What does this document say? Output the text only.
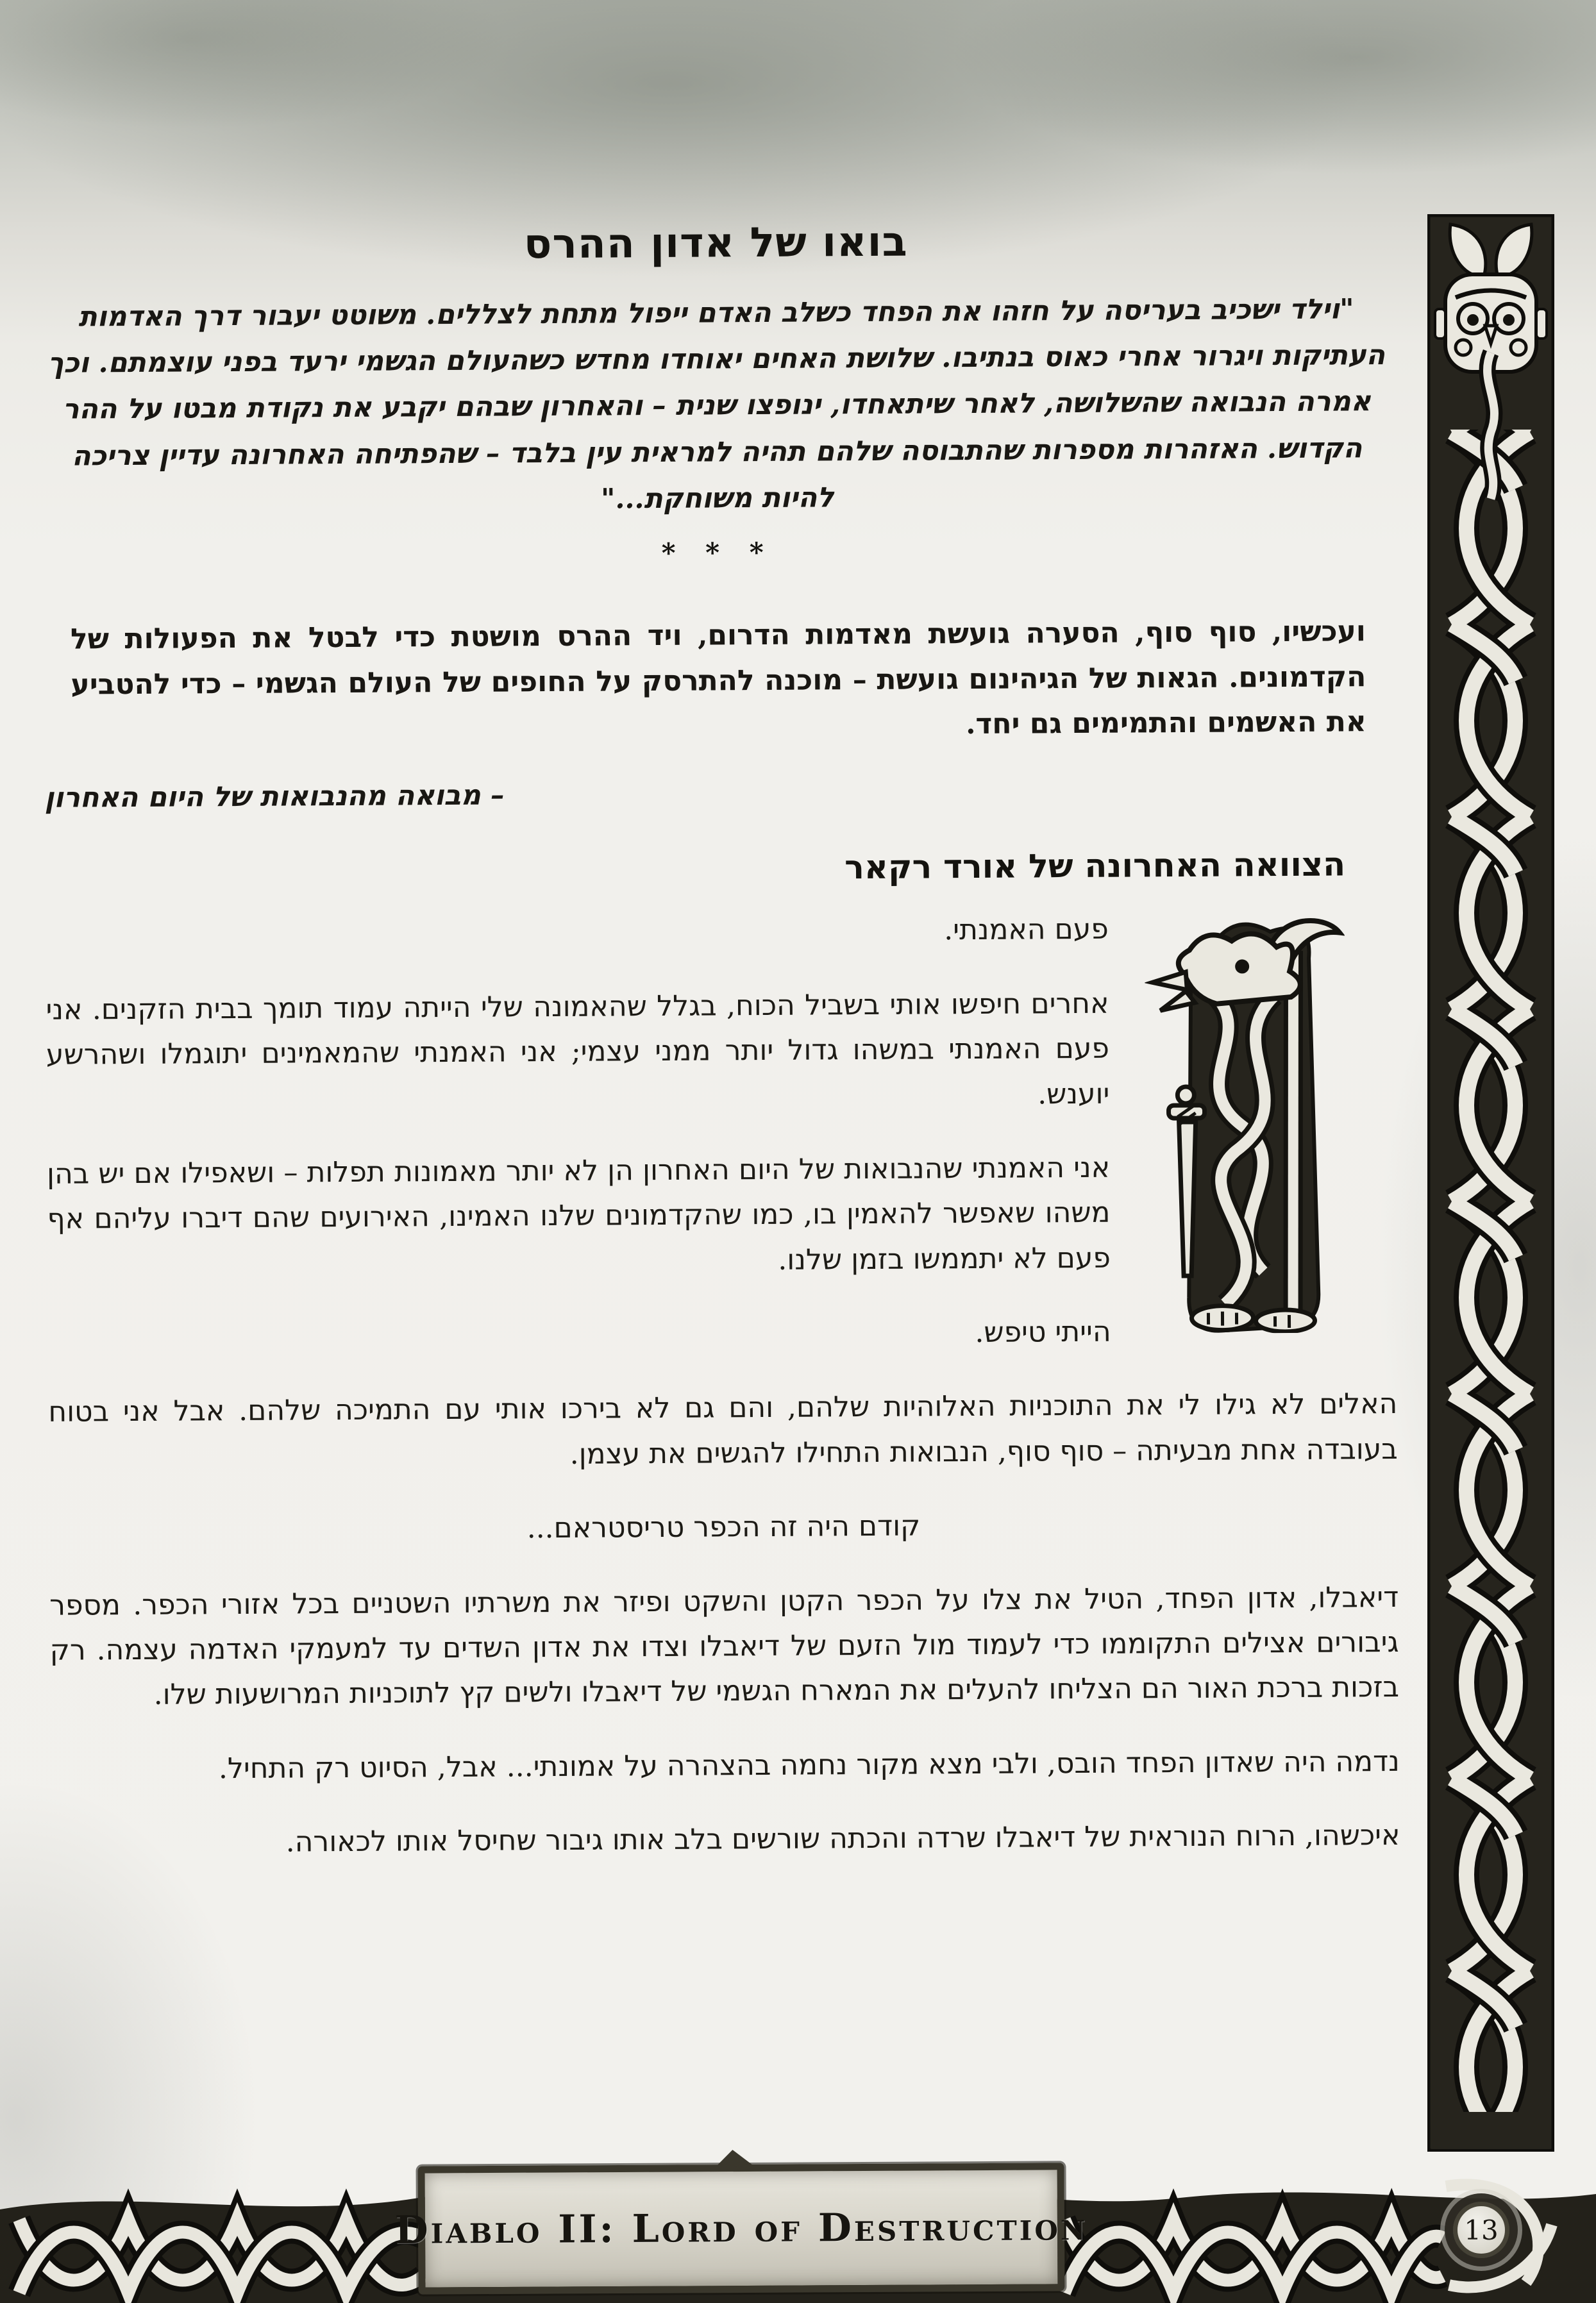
בואו של אדון ההרס

"וילד ישכיב בעריסה על חזהו את הפחד כשלב האדם ייפול מתחת לצללים. משוטט יעבור דרך האדמות העתיקות ויגרור אחרי כאוס בנתיבו. שלושת האחים יאוחדו מחדש כשהעולם הגשמי ירעד בפני עוצמתם. וכך אמרה הנבואה שהשלושה, לאחר שיתאחדו, ינופצו שנית – והאחרון שבהם יקבע את נקודת מבטו על ההר הקדוש. האזהרות מספרות שהתבוסה שלהם תהיה למראית עין בלבד – שהפתיחה האחרונה עדיין צריכה להיות משוחקת..."

* * *

ועכשיו, סוף סוף, הסערה גועשת מאדמות הדרום, ויד ההרס מושטת כדי לבטל את הפעולות של הקדמונים. הגאות של הגיהינום גועשת – מוכנה להתרסק על החופים של העולם הגשמי – כדי להטביע את האשמים והתמימים גם יחד.

– מבואה מהנבואות של היום האחרון

הצוואה האחרונה של אורד רקאר

פעם האמנתי.

אחרים חיפשו אותי בשביל הכוח, בגלל שהאמונה שלי הייתה עמוד תומך בבית הזקנים. אני פעם האמנתי במשהו גדול יותר ממני עצמי; אני האמנתי שהמאמינים יתוגמלו ושהרשע יוענש.

אני האמנתי שהנבואות של היום האחרון הן לא יותר מאמונות תפלות – ושאפילו אם יש בהן משהו שאפשר להאמין בו, כמו שהקדמונים שלנו האמינו, האירועים שהם דיברו עליהם אף פעם לא יתממשו בזמן שלנו.

הייתי טיפש.

האלים לא גילו לי את התוכניות האלוהיות שלהם, והם גם לא בירכו אותי עם התמיכה שלהם. אבל אני בטוח בעובדה אחת מבעיתה – סוף סוף, הנבואות התחילו להגשים את עצמן.

קודם היה זה הכפר טריסטראם...

דיאבלו, אדון הפחד, הטיל את צלו על הכפר הקטן והשקט ופיזר את משרתיו השטניים בכל אזורי הכפר. מספר גיבורים אצילים התקוממו כדי לעמוד מול הזעם של דיאבלו וצדו את אדון השדים עד למעמקי האדמה עצמה. רק בזכות ברכת האור הם הצליחו להעלים את המארח הגשמי של דיאבלו ולשים קץ לתוכניות המרושעות שלו.

נדמה היה שאדון הפחד הובס, ולבי מצא מקור נחמה בהצהרה על אמונתי... אבל, הסיוט רק התחיל.

איכשהו, הרוח הנוראית של דיאבלו שרדה והכתה שורשים בלב אותו גיבור שחיסל אותו לכאורה.

Diablo II: Lord of Destruction	13
